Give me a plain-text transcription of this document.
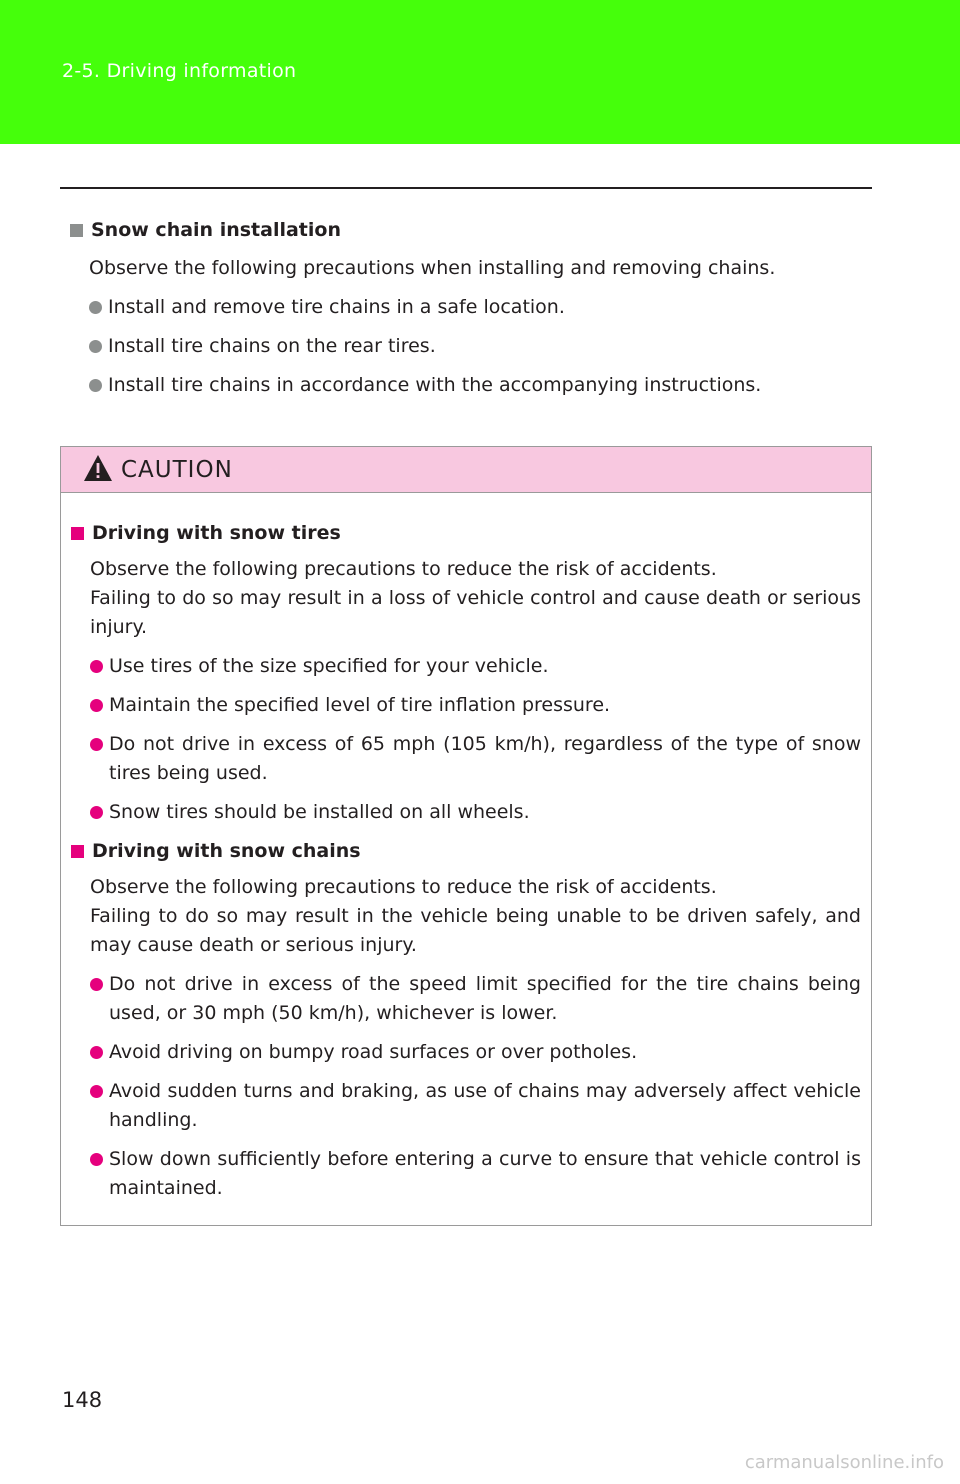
2-5. Driving information
Snow chain installation
Observe the following precautions when installing and removing chains.
Install and remove tire chains in a safe location.
Install tire chains on the rear tires.
Install tire chains in accordance with the accompanying instructions.
CAUTION
Driving with snow tires
Observe the following precautions to reduce the risk of accidents.
Failing to do so may result in a loss of vehicle control and cause death or serious injury.
Use tires of the size specified for your vehicle.
Maintain the specified level of tire inflation pressure.
Do not drive in excess of 65 mph (105 km/h), regardless of the type of snow tires being used.
Snow tires should be installed on all wheels.
Driving with snow chains
Observe the following precautions to reduce the risk of accidents.
Failing to do so may result in the vehicle being unable to be driven safely, and may cause death or serious injury.
Do not drive in excess of the speed limit specified for the tire chains being used, or 30 mph (50 km/h), whichever is lower.
Avoid driving on bumpy road surfaces or over potholes.
Avoid sudden turns and braking, as use of chains may adversely affect vehicle handling.
Slow down sufficiently before entering a curve to ensure that vehicle control is maintained.
148
carmanualsonline.info
